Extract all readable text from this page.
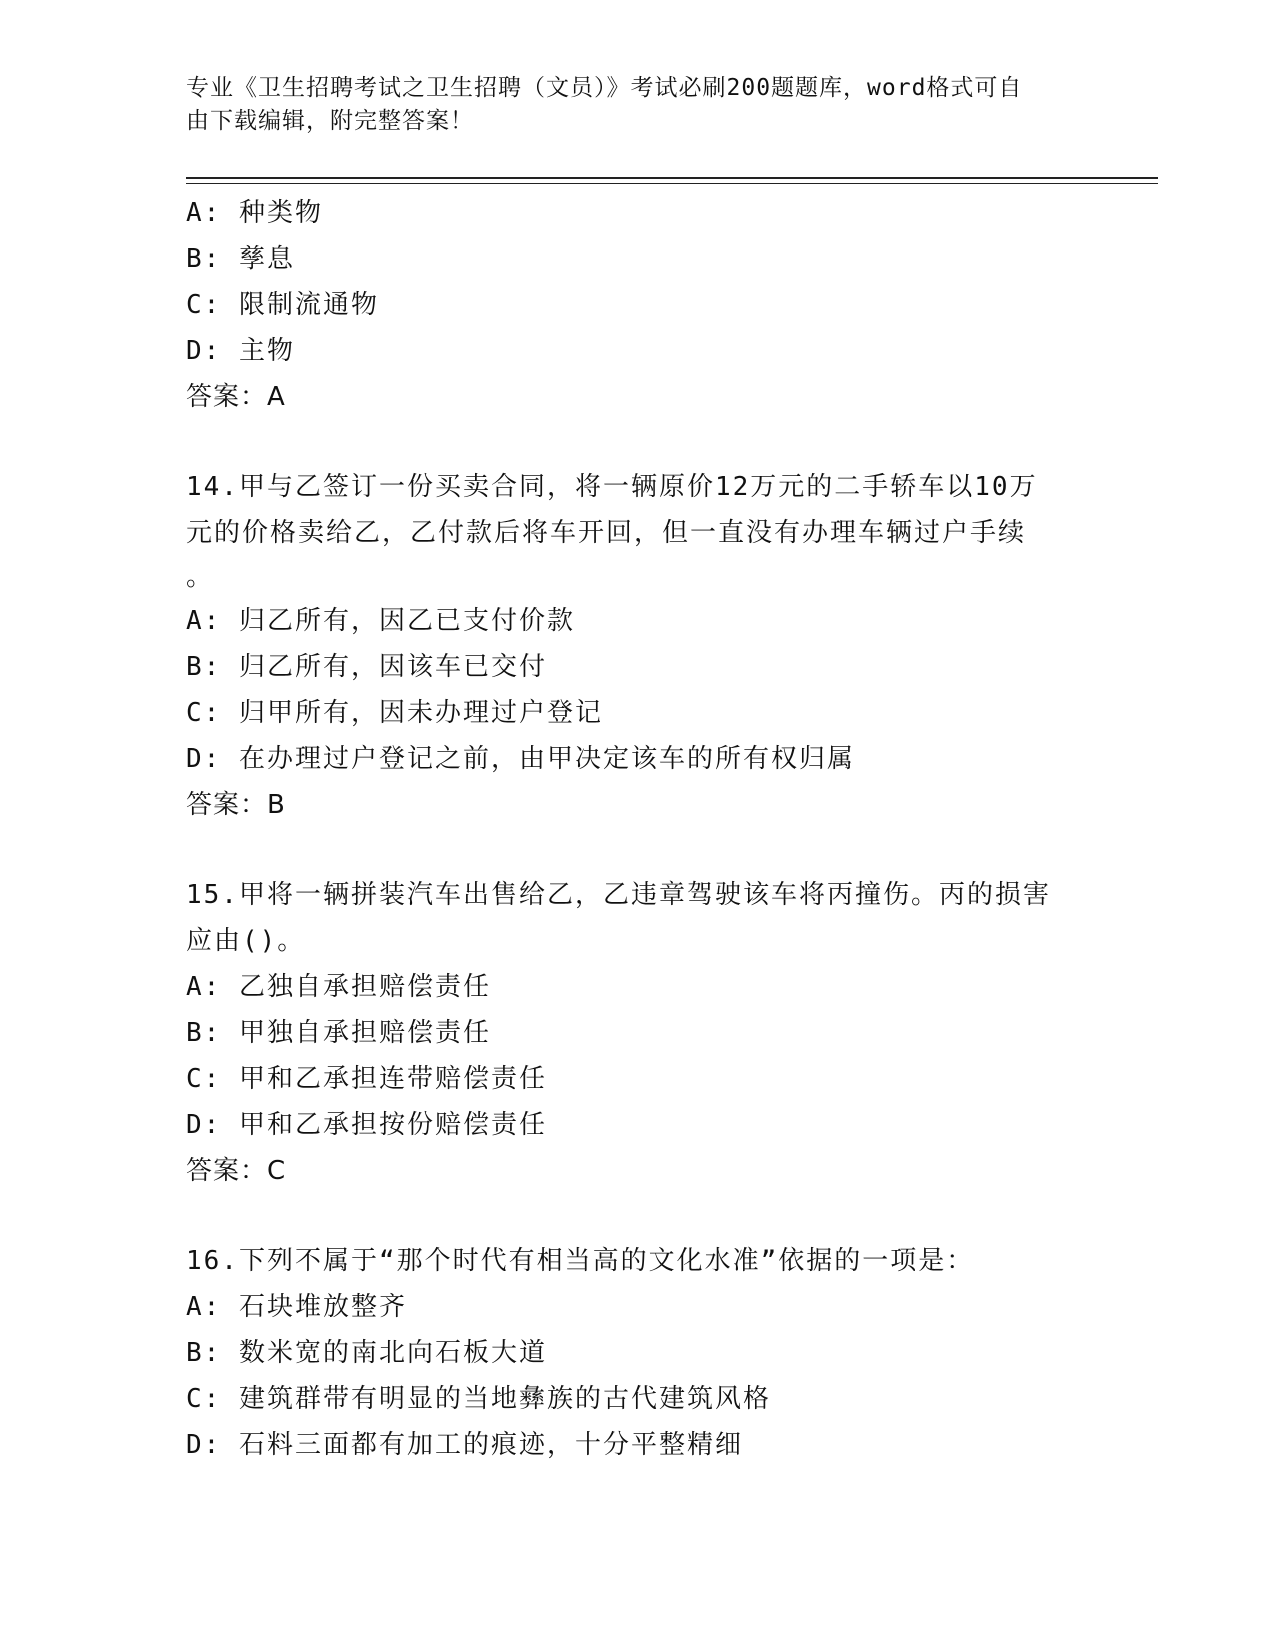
专业《卫生招聘考试之卫生招聘（文员）》考试必刷200题题库，word格式可自
由下载编辑，附完整答案！
A: 种类物
B: 孳息
C: 限制流通物
D: 主物
答案：A
14.甲与乙签订一份买卖合同，将一辆原价12万元的二手轿车以10万
元的价格卖给乙，乙付款后将车开回，但一直没有办理车辆过户手续
。
A: 归乙所有，因乙已支付价款
B: 归乙所有，因该车已交付
C: 归甲所有，因未办理过户登记
D: 在办理过户登记之前，由甲决定该车的所有权归属
答案：B
15.甲将一辆拼装汽车出售给乙，乙违章驾驶该车将丙撞伤。丙的损害
应由()。
A: 乙独自承担赔偿责任
B: 甲独自承担赔偿责任
C: 甲和乙承担连带赔偿责任
D: 甲和乙承担按份赔偿责任
答案：C
16.下列不属于“那个时代有相当高的文化水准”依据的一项是：
A: 石块堆放整齐
B: 数米宽的南北向石板大道
C: 建筑群带有明显的当地彝族的古代建筑风格
D: 石料三面都有加工的痕迹，十分平整精细
